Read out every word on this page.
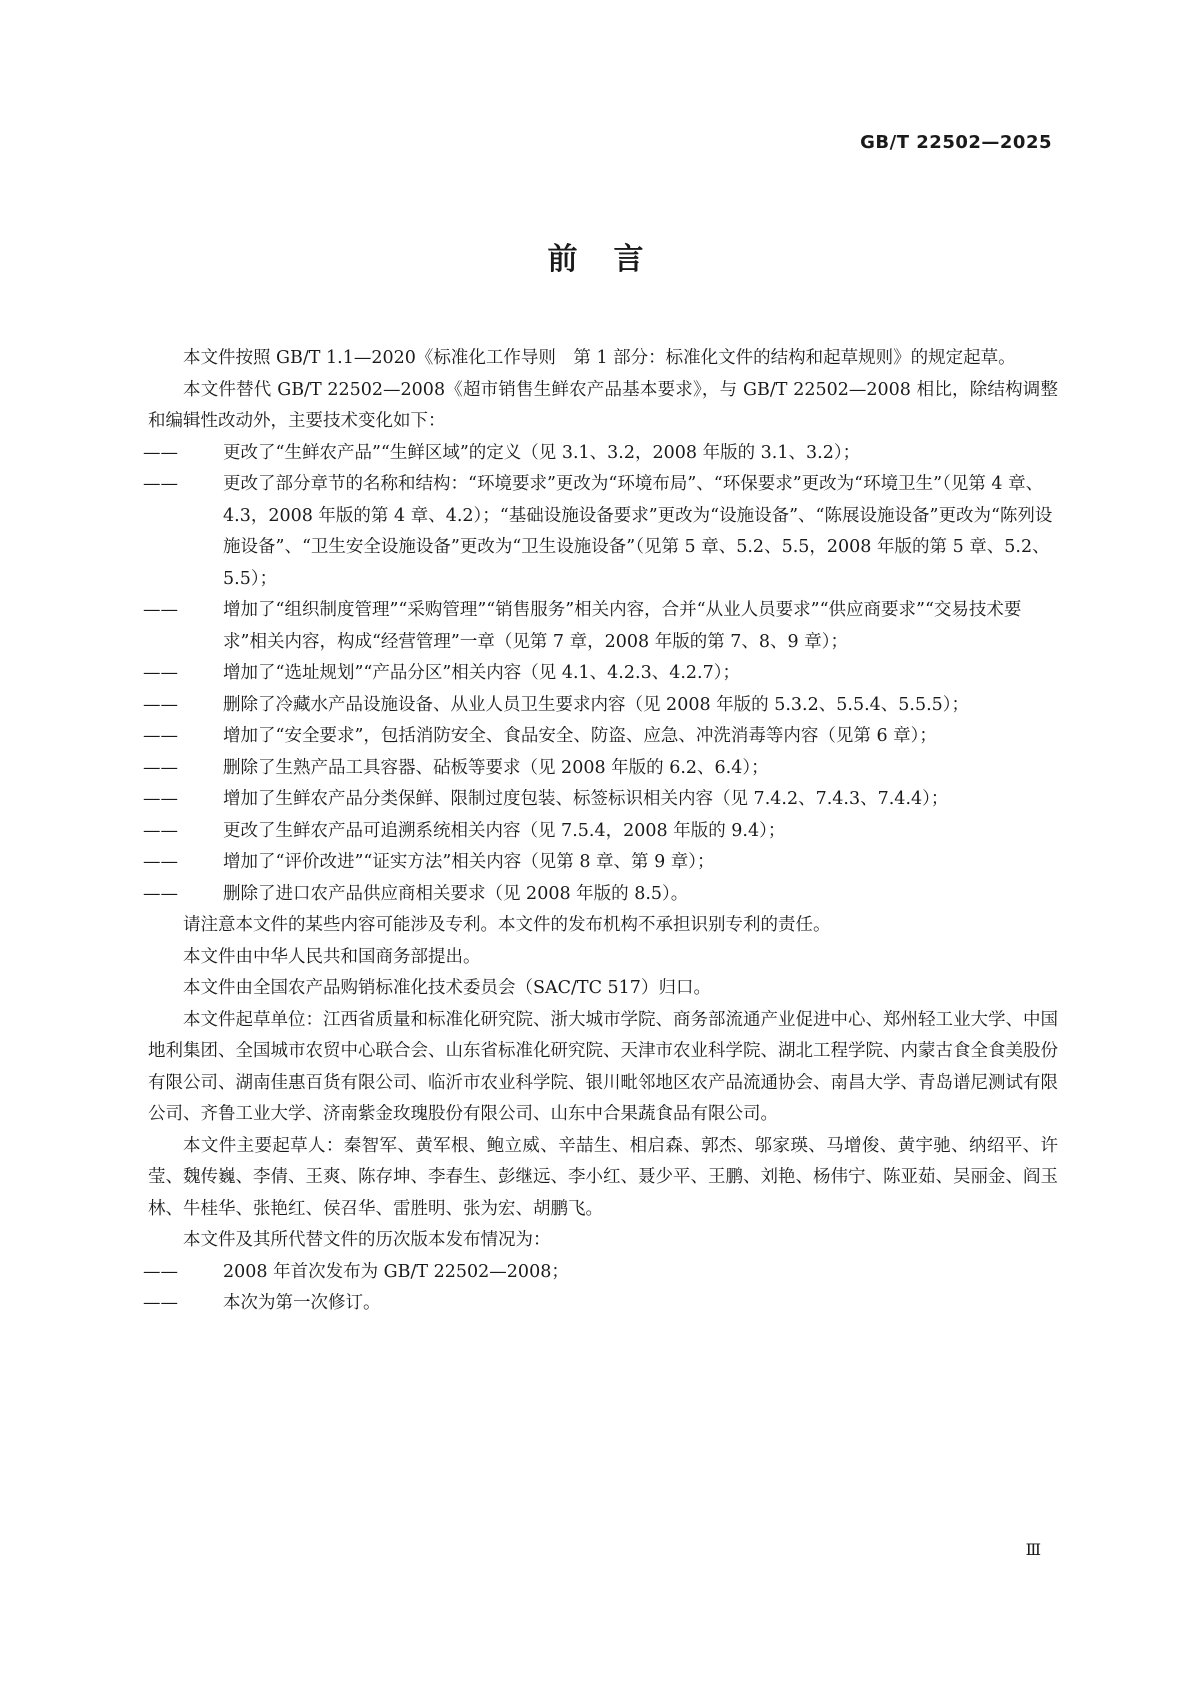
GB/T 22502—2025
前言

本文件按照 GB/T 1.1—2020《标准化工作导则　第 1 部分：标准化文件的结构和起草规则》的规定起草。

本文件替代 GB/T 22502—2008《超市销售生鲜农产品基本要求》，与 GB/T 22502—2008 相比，除结构调整和编辑性改动外，主要技术变化如下：

——	更改了“生鲜农产品”“生鲜区域”的定义（见 3.1、3.2，2008 年版的 3.1、3.2）；

——	更改了部分章节的名称和结构：“环境要求”更改为“环境布局”、“环保要求”更改为“环境卫生”（见第 4 章、4.3，2008 年版的第 4 章、4.2）；“基础设施设备要求”更改为“设施设备”、“陈展设施设备”更改为“陈列设施设备”、“卫生安全设施设备”更改为“卫生设施设备”（见第 5 章、5.2、5.5，2008 年版的第 5 章、5.2、5.5）；

——	增加了“组织制度管理”“采购管理”“销售服务”相关内容，合并“从业人员要求”“供应商要求”“交易技术要求”相关内容，构成“经营管理”一章（见第 7 章，2008 年版的第 7、8、9 章）；

——	增加了“选址规划”“产品分区”相关内容（见 4.1、4.2.3、4.2.7）；

——	删除了冷藏水产品设施设备、从业人员卫生要求内容（见 2008 年版的 5.3.2、5.5.4、5.5.5）；

——	增加了“安全要求”，包括消防安全、食品安全、防盗、应急、冲洗消毒等内容（见第 6 章）；

——	删除了生熟产品工具容器、砧板等要求（见 2008 年版的 6.2、6.4）；

——	增加了生鲜农产品分类保鲜、限制过度包装、标签标识相关内容（见 7.4.2、7.4.3、7.4.4）；

——	更改了生鲜农产品可追溯系统相关内容（见 7.5.4，2008 年版的 9.4）；

——	增加了“评价改进”“证实方法”相关内容（见第 8 章、第 9 章）；

——	删除了进口农产品供应商相关要求（见 2008 年版的 8.5）。

请注意本文件的某些内容可能涉及专利。本文件的发布机构不承担识别专利的责任。

本文件由中华人民共和国商务部提出。

本文件由全国农产品购销标准化技术委员会（SAC/TC 517）归口。

本文件起草单位：江西省质量和标准化研究院、浙大城市学院、商务部流通产业促进中心、郑州轻工业大学、中国地利集团、全国城市农贸中心联合会、山东省标准化研究院、天津市农业科学院、湖北工程学院、内蒙古食全食美股份有限公司、湖南佳惠百货有限公司、临沂市农业科学院、银川毗邻地区农产品流通协会、南昌大学、青岛谱尼测试有限公司、齐鲁工业大学、济南紫金玫瑰股份有限公司、山东中合果蔬食品有限公司。

本文件主要起草人：秦智军、黄军根、鲍立威、辛喆生、相启森、郭杰、邬家瑛、马增俊、黄宇驰、纳绍平、许莹、魏传巍、李倩、王爽、陈存坤、李春生、彭继远、李小红、聂少平、王鹏、刘艳、杨伟宁、陈亚茹、吴丽金、阎玉林、牛桂华、张艳红、侯召华、雷胜明、张为宏、胡鹏飞。

本文件及其所代替文件的历次版本发布情况为：

——	2008 年首次发布为 GB/T 22502—2008；

——	本次为第一次修订。

Ⅲ
